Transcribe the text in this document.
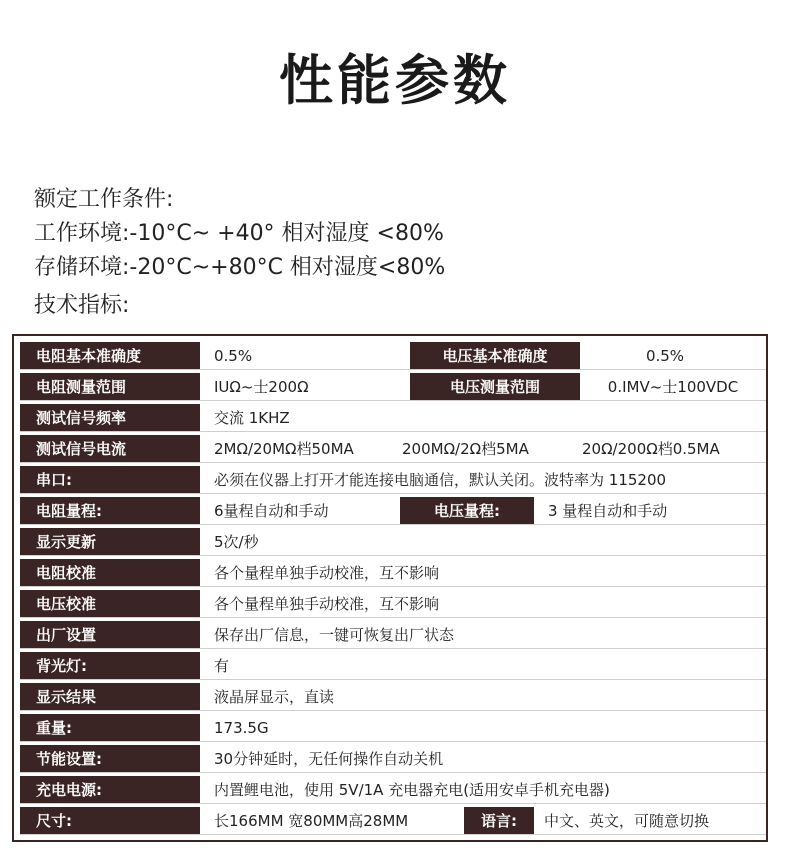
性能参数
额定工作条件:
工作环境:-10°C~ +40° 相对湿度 <80%
存储环境:-20°C~+80°C 相对湿度<80%
技术指标:
电阻基本准确度	0.5%	电压基本准确度	0.5%
电阻测量范围	IUΩ~士200Ω	电压测量范围	0.IMV~士100VDC
测试信号频率	交流 1KHZ
测试信号电流	2MΩ/20MΩ档50MA	200MΩ/2Ω档5MA	20Ω/200Ω档0.5MA
串口:	必须在仪器上打开才能连接电脑通信，默认关闭。波特率为 115200
电阻量程:	6量程自动和手动	电压量程:	3 量程自动和手动
显示更新	5次/秒
电阻校准	各个量程单独手动校准，互不影响
电压校准	各个量程单独手动校准，互不影响
出厂设置	保存出厂信息，一键可恢复出厂状态
背光灯:	有
显示结果	液晶屏显示，直读
重量:	173.5G
节能设置:	30分钟延时，无任何操作自动关机
充电电源:	内置鲤电池，使用 5V/1A 充电器充电(适用安卓手机充电器)
尺寸:	长166MM 宽80MM高28MM	语言:	中文、英文，可随意切换
